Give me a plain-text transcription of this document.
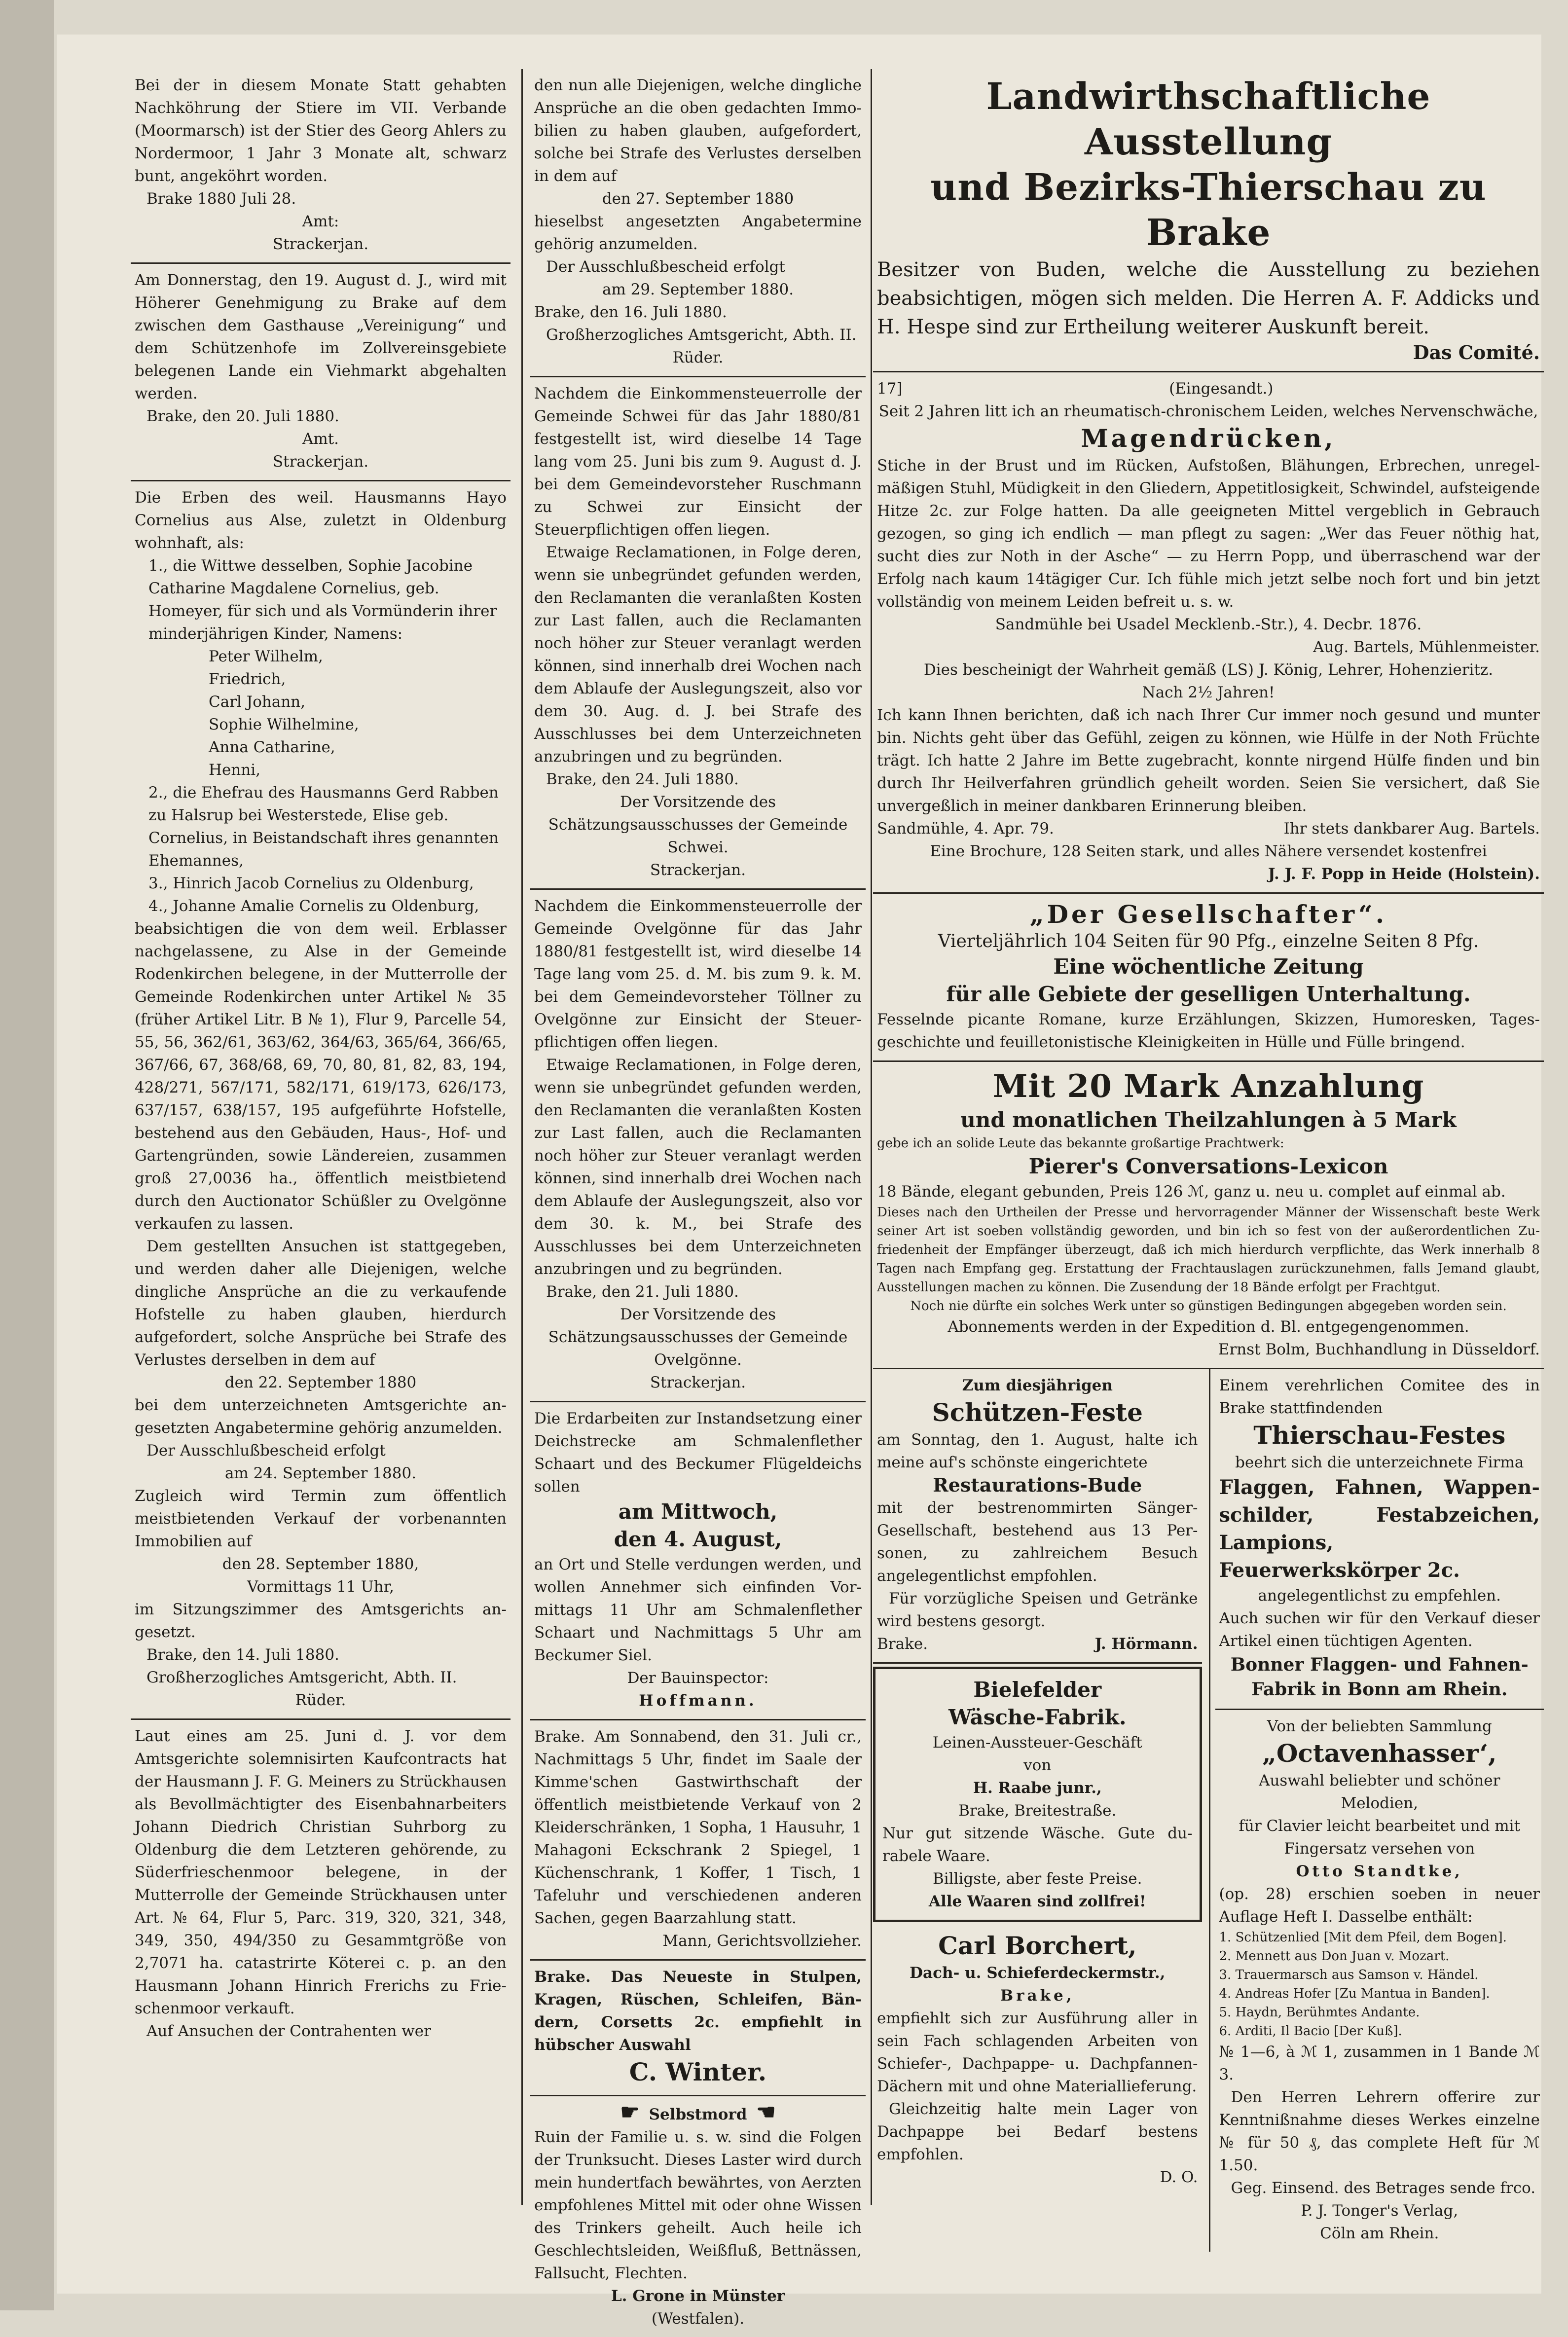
Bei der in diesem Monate Statt gehabten Nachköhrung der Stiere im VII. Verbande (Moormarsch) ist der Stier des Georg Ahlers zu Nordermoor, 1 Jahr 3 Monate alt, schwarz bunt, angeköhrt worden.

Brake 1880 Juli 28.

Amt:

Strackerjan.

Am Donnerstag, den 19. August d. J., wird mit Höherer Genehmigung zu Brake auf dem zwischen dem Gasthause „Vereinigung“ und dem Schützenhofe im Zollvereinsgebiete belegenen Lande ein Viehmarkt abgehalten werden.

Brake, den 20. Juli 1880.

Amt.

Strackerjan.

Die Erben des weil. Hausmanns Hayo Cornelius aus Alse, zuletzt in Oldenburg wohnhaft, als:

1., die Wittwe desselben, Sophie Jacobine Catharine Magdalene Cornelius, geb. Homeyer, für sich und als Vormünderin ihrer minderjährigen Kinder, Namens:

Peter Wilhelm,
Friedrich,
Carl Johann,
Sophie Wilhelmine,
Anna Catharine,
Henni,

2., die Ehefrau des Hausmanns Gerd Rabben zu Halsrup bei Westerstede, Elise geb. Cornelius, in Beistandschaft ihres genannten Ehemannes,

3., Hinrich Jacob Cornelius zu Oldenburg,

4., Johanne Amalie Cornelis zu Oldenburg,

beabsichtigen die von dem weil. Erblasser nachgelassene, zu Alse in der Gemeinde Rodenkirchen belegene, in der Mutterrolle der Gemeinde Rodenkirchen unter Artikel № 35 (früher Artikel Litr. B № 1), Flur 9, Parcelle 54, 55, 56, 362/61, 363/62, 364/63, 365/64, 366/65, 367/66, 67, 368/68, 69, 70, 80, 81, 82, 83, 194, 428/271, 567/171, 582/171, 619/173, 626/173, 637/157, 638/157, 195 aufgeführte Hofstelle, bestehend aus den Gebäuden, Haus-, Hof- und Gartengründen, sowie Ländereien, zusammen groß 27,0036 ha., öffentlich meistbietend durch den Auctionator Schüßler zu Ovelgönne verkaufen zu lassen.

Dem gestellten Ansuchen ist stattgegeben, und werden daher alle Diejenigen, welche dingliche Ansprüche an die zu verkaufende Hofstelle zu haben glauben, hierdurch aufgefordert, solche Ansprüche bei Strafe des Verlustes derselben in dem auf

den 22. September 1880

bei dem unterzeichneten Amtsgerichte angesetzten Angabetermine gehörig anzumelden.

Der Ausschlußbescheid erfolgt

am 24. September 1880.

Zugleich wird Termin zum öffentlich meistbietenden Verkauf der vorbenannten Immobilien auf

den 28. September 1880,

Vormittags 11 Uhr,

im Sitzungszimmer des Amtsgerichts angesetzt.

Brake, den 14. Juli 1880.

Großherzogliches Amtsgericht, Abth. II.

Rüder.

Laut eines am 25. Juni d. J. vor dem Amtsgerichte solemnisirten Kaufcontracts hat der Hausmann J. F. G. Meiners zu Strückhausen als Bevollmächtigter des Eisenbahnarbeiters Johann Diedrich Christian Suhrborg zu Oldenburg die dem Letzteren gehörende, zu Süderfrieschenmoor belegene, in der Mutterrolle der Gemeinde Strückhausen unter Art. № 64, Flur 5, Parc. 319, 320, 321, 348, 349, 350, 494/350 zu Gesammtgröße von 2,7071 ha. catastrirte Köterei c. p. an den Hausmann Johann Hinrich Frerichs zu Frieschenmoor verkauft.

Auf Ansuchen der Contrahenten wer

den nun alle Diejenigen, welche dingliche Ansprüche an die oben gedachten Immobilien zu haben glauben, aufgefordert, solche bei Strafe des Verlustes derselben in dem auf

den 27. September 1880

hieselbst angesetzten Angabetermine gehörig anzumelden.

Der Ausschlußbescheid erfolgt

am 29. September 1880.

Brake, den 16. Juli 1880.

Großherzogliches Amtsgericht, Abth. II.

Rüder.

Nachdem die Einkommensteuerrolle der Gemeinde Schwei für das Jahr 1880/81 festgestellt ist, wird dieselbe 14 Tage lang vom 25. Juni bis zum 9. August d. J. bei dem Gemeindevorsteher Ruschmann zu Schwei zur Einsicht der Steuerpflichtigen offen liegen.

Etwaige Reclamationen, in Folge deren, wenn sie unbegründet gefunden werden, den Reclamanten die veranlaßten Kosten zur Last fallen, auch die Reclamanten noch höher zur Steuer veranlagt werden können, sind innerhalb drei Wochen nach dem Ablaufe der Auslegungszeit, also vor dem 30. Aug. d. J. bei Strafe des Ausschlusses bei dem Unterzeichneten anzubringen und zu begründen.

Brake, den 24. Juli 1880.

Der Vorsitzende des Schätzungsausschusses der Gemeinde Schwei.

Strackerjan.

Nachdem die Einkommensteuerrolle der Gemeinde Ovelgönne für das Jahr 1880/81 festgestellt ist, wird dieselbe 14 Tage lang vom 25. d. M. bis zum 9. k. M. bei dem Gemeindevorsteher Töllner zu Ovelgönne zur Einsicht der Steuerpflichtigen offen liegen.

Etwaige Reclamationen, in Folge deren, wenn sie unbegründet gefunden werden, den Reclamanten die veranlaßten Kosten zur Last fallen, auch die Reclamanten noch höher zur Steuer veranlagt werden können, sind innerhalb drei Wochen nach dem Ablaufe der Auslegungszeit, also vor dem 30. k. M., bei Strafe des Ausschlusses bei dem Unterzeichneten anzubringen und zu begründen.

Brake, den 21. Juli 1880.

Der Vorsitzende des Schätzungsausschusses der Gemeinde Ovelgönne.

Strackerjan.

Die Erdarbeiten zur Instandsetzung einer Deichstrecke am Schmalenflether Schaart und des Beckumer Flügeldeichs sollen

am Mittwoch,

den 4. August,

an Ort und Stelle verdungen werden, und wollen Annehmer sich einfinden Vormittags 11 Uhr am Schmalenflether Schaart und Nachmittags 5 Uhr am Beckumer Siel.

Der Bauinspector:

Hoffmann.

Brake. Am Sonnabend, den 31. Juli cr., Nachmittags 5 Uhr, findet im Saale der Kimme'schen Gastwirthschaft der öffentlich meistbietende Verkauf von 2 Kleiderschränken, 1 Sopha, 1 Hausuhr, 1 Mahagoni Eckschrank 2 Spiegel, 1 Küchenschrank, 1 Koffer, 1 Tisch, 1 Tafeluhr und verschiedenen anderen Sachen, gegen Baarzahlung statt.

Mann, Gerichtsvollzieher.

Brake. Das Neueste in Stulpen, Kragen, Rüschen, Schleifen, Bändern, Corsetts 2c. empfiehlt in hübscher Auswahl

C. Winter.

☛ Selbstmord ☚

Ruin der Familie u. s. w. sind die Folgen der Trunksucht. Dieses Laster wird durch mein hundertfach bewährtes, von Aerzten empfohlenes Mittel mit oder ohne Wissen des Trinkers geheilt. Auch heile ich Geschlechtsleiden, Weißfluß, Bettnässen, Fallsucht, Flechten.

L. Grone in Münster

(Westfalen).

Landwirthschaftliche Ausstellung

und Bezirks-Thierschau zu Brake

Besitzer von Buden, welche die Ausstellung zu beziehen beabsichtigen, mögen sich melden. Die Herren A. F. Addicks und H. Hespe sind zur Ertheilung weiterer Auskunft bereit.

Das Comité.

17]	(Eingesandt.)

Seit 2 Jahren litt ich an rheumatisch-chronischem Leiden, welches Nervenschwäche,

Magendrücken,

Stiche in der Brust und im Rücken, Aufstoßen, Blähungen, Erbrechen, unregelmäßigen Stuhl, Müdigkeit in den Gliedern, Appetitlosigkeit, Schwindel, aufsteigende Hitze 2c. zur Folge hatten. Da alle geeigneten Mittel vergeblich in Gebrauch gezogen, so ging ich endlich — man pflegt zu sagen: „Wer das Feuer nöthig hat, sucht dies zur Noth in der Asche“ — zu Herrn Popp, und überraschend war der Erfolg nach kaum 14tägiger Cur. Ich fühle mich jetzt selbe noch fort und bin jetzt vollständig von meinem Leiden befreit u. s. w.

Sandmühle bei Usadel Mecklenb.-Str.), 4. Decbr. 1876.

Aug. Bartels, Mühlenmeister.

Dies bescheinigt der Wahrheit gemäß (LS) J. König, Lehrer, Hohenzieritz.

Nach 2½ Jahren!

Ich kann Ihnen berichten, daß ich nach Ihrer Cur immer noch gesund und munter bin. Nichts geht über das Gefühl, zeigen zu können, wie Hülfe in der Noth Früchte trägt. Ich hatte 2 Jahre im Bette zugebracht, konnte nirgend Hülfe finden und bin durch Ihr Heilverfahren gründlich geheilt worden. Seien Sie versichert, daß Sie unvergeßlich in meiner dankbaren Erinnerung bleiben.

Sandmühle, 4. Apr. 79.	Ihr stets dankbarer Aug. Bartels.

Eine Brochure, 128 Seiten stark, und alles Nähere versendet kostenfrei

J. J. F. Popp in Heide (Holstein).

„Der Gesellschafter“.

Vierteljährlich 104 Seiten für 90 Pfg., einzelne Seiten 8 Pfg.

Eine wöchentliche Zeitung

für alle Gebiete der geselligen Unterhaltung.

Fesselnde picante Romane, kurze Erzählungen, Skizzen, Humoresken, Tagesgeschichte und feuilletonistische Kleinigkeiten in Hülle und Fülle bringend.

Mit 20 Mark Anzahlung

und monatlichen Theilzahlungen à 5 Mark

gebe ich an solide Leute das bekannte großartige Prachtwerk:

Pierer's Conversations-Lexicon

18 Bände, elegant gebunden, Preis 126 ℳ, ganz u. neu u. complet auf einmal ab.

Dieses nach den Urtheilen der Presse und hervorragender Männer der Wissenschaft beste Werk seiner Art ist soeben vollständig geworden, und bin ich so fest von der außerordentlichen Zufriedenheit der Empfänger überzeugt, daß ich mich hierdurch verpflichte, das Werk innerhalb 8 Tagen nach Empfang geg. Erstattung der Frachtauslagen zurückzunehmen, falls Jemand glaubt, Ausstellungen machen zu können. Die Zusendung der 18 Bände erfolgt per Frachtgut.

Noch nie dürfte ein solches Werk unter so günstigen Bedingungen abgegeben worden sein.

Abonnements werden in der Expedition d. Bl. entgegengenommen.

Ernst Bolm, Buchhandlung in Düsseldorf.

Zum diesjährigen

Schützen-Feste

am Sonntag, den 1. August, halte ich meine auf's schönste eingerichtete

Restaurations-Bude

mit der bestrenommirten Sänger-Gesellschaft, bestehend aus 13 Personen, zu zahlreichem Besuch angelegentlichst empfohlen.

Für vorzügliche Speisen und Getränke wird bestens gesorgt.

Brake.	J. Hörmann.

Bielefelder

Wäsche-Fabrik.

Leinen-Aussteuer-Geschäft

von

H. Raabe junr.,

Brake, Breitestraße.

Nur gut sitzende Wäsche. Gute durabele Waare.

Billigste, aber feste Preise.

Alle Waaren sind zollfrei!

Carl Borchert,

Dach- u. Schieferdeckermstr.,

Brake,

empfiehlt sich zur Ausführung aller in sein Fach schlagenden Arbeiten von Schiefer-, Dachpappe- u. Dachpfannen-Dächern mit und ohne Materiallieferung.

Gleichzeitig halte mein Lager von Dachpappe bei Bedarf bestens empfohlen.

D. O.

Einem verehrlichen Comitee des in Brake stattfindenden

Thierschau-Festes

beehrt sich die unterzeichnete Firma

Flaggen, Fahnen, Wappenschilder, Festabzeichen, Lampions, Feuerwerkskörper 2c.

angelegentlichst zu empfehlen.

Auch suchen wir für den Verkauf dieser Artikel einen tüchtigen Agenten.

Bonner Flaggen- und Fahnen-Fabrik in Bonn am Rhein.

Von der beliebten Sammlung

„Octavenhasser‘,

Auswahl beliebter und schöner Melodien,

für Clavier leicht bearbeitet und mit Fingersatz versehen von

Otto Standtke,

(op. 28) erschien soeben in neuer Auflage Heft I. Dasselbe enthält:

1. Schützenlied [Mit dem Pfeil, dem Bogen].

2. Mennett aus Don Juan v. Mozart.

3. Trauermarsch aus Samson v. Händel.

4. Andreas Hofer [Zu Mantua in Banden].

5. Haydn, Berühmtes Andante.

6. Arditi, Il Bacio [Der Kuß].

№ 1—6, à ℳ 1, zusammen in 1 Bande ℳ 3.

Den Herren Lehrern offerire zur Kenntnißnahme dieses Werkes einzelne № für 50 ₰, das complete Heft für ℳ 1.50.

Geg. Einsend. des Betrages sende frco.

P. J. Tonger's Verlag,

Cöln am Rhein.
